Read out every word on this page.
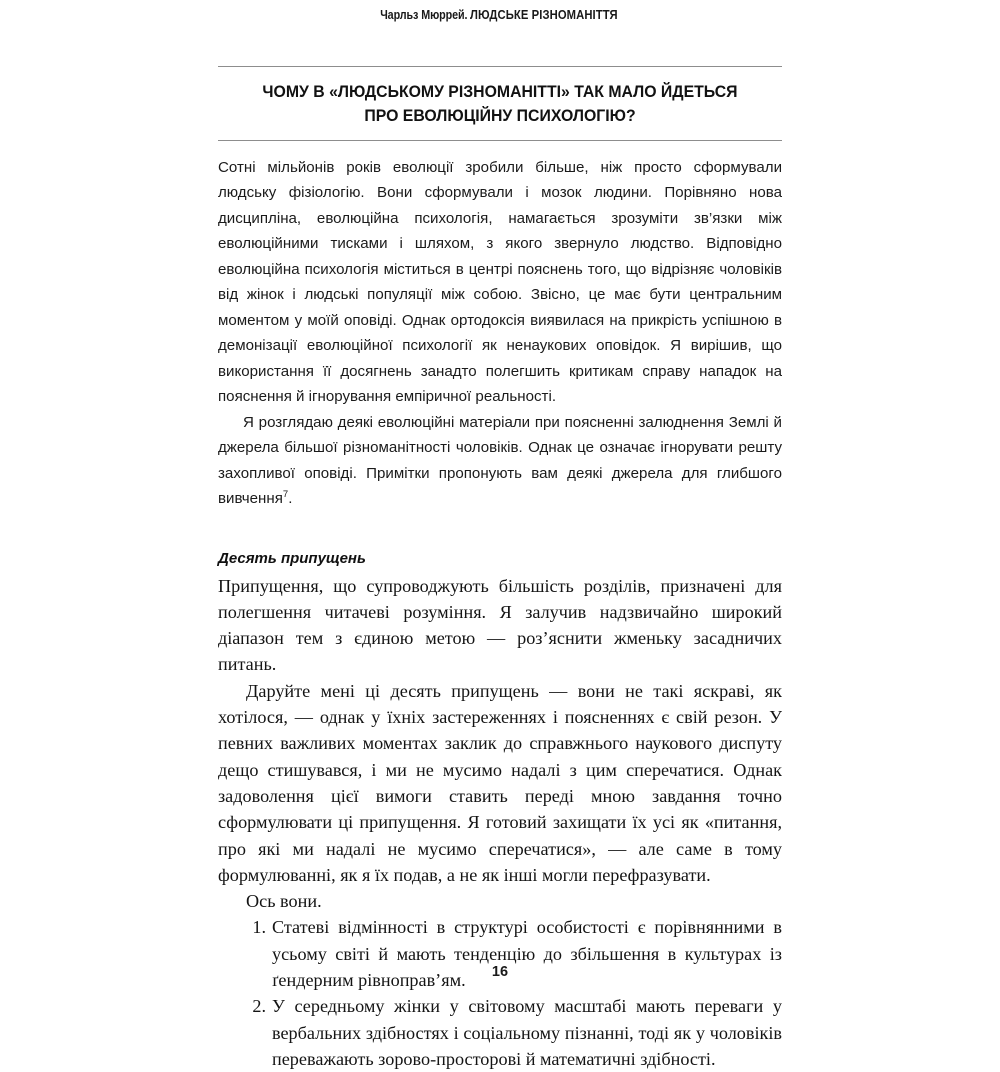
Чарльз Мюррей. ЛЮДСЬКЕ РІЗНОМАНІТТЯ
ЧОМУ В «ЛЮДСЬКОМУ РІЗНОМАНІТТІ» ТАК МАЛО ЙДЕТЬСЯ
ПРО ЕВОЛЮЦІЙНУ ПСИХОЛОГІЮ?

Сотні мільйонів років еволюції зробили більше, ніж просто сформували людську фізіологію. Вони сформували і мозок людини. Порівняно нова дисципліна, еволюційна психологія, намагається зрозуміти зв’язки між еволюційними тисками і шляхом, з якого звернуло людство. Відповідно еволюційна психологія міститься в центрі пояснень того, що відрізняє чоловіків від жінок і людські популяції між собою. Звісно, це має бути центральним моментом у моїй оповіді. Однак ортодоксія виявилася на прикрість успішною в демонізації еволюційної психології як ненаукових оповідок. Я вирішив, що використання її досягнень занадто полегшить критикам справу нападок на пояснення й ігнорування емпіричної реальності.

Я розглядаю деякі еволюційні матеріали при поясненні залюднення Землі й джерела більшої різноманітності чоловіків. Однак це означає ігнорувати решту захопливої оповіді. Примітки пропонують вам деякі джерела для глибшого вивчення$^7$.

Десять припущень

Припущення, що супроводжують більшість розділів, призначені для полегшення читачеві розуміння. Я залучив надзвичайно широкий діапазон тем з єдиною метою — роз’яснити жменьку засадничих питань.

Даруйте мені ці десять припущень — вони не такі яскраві, як хотілося, — однак у їхніх застереженнях і поясненнях є свій резон. У певних важливих моментах заклик до справжнього наукового диспуту дещо стишувався, і ми не мусимо надалі з цим сперечатися. Однак задоволення цієї вимоги ставить переді мною завдання точно сформулювати ці припущення. Я готовий захищати їх усі як «питання, про які ми надалі не мусимо сперечатися», — але саме в тому формулюванні, як я їх подав, а не як інші могли перефразувати.

Ось вони.

Статеві відмінності в структурі особистості є порівнянними в усьому світі й мають тенденцію до збільшення в культурах із ґендерним рівноправ’ям.
У середньому жінки у світовому масштабі мають переваги у вербальних здібностях і соціальному пізнанні, тоді як у чоловіків переважають зорово-просторові й математичні здібності.
16
